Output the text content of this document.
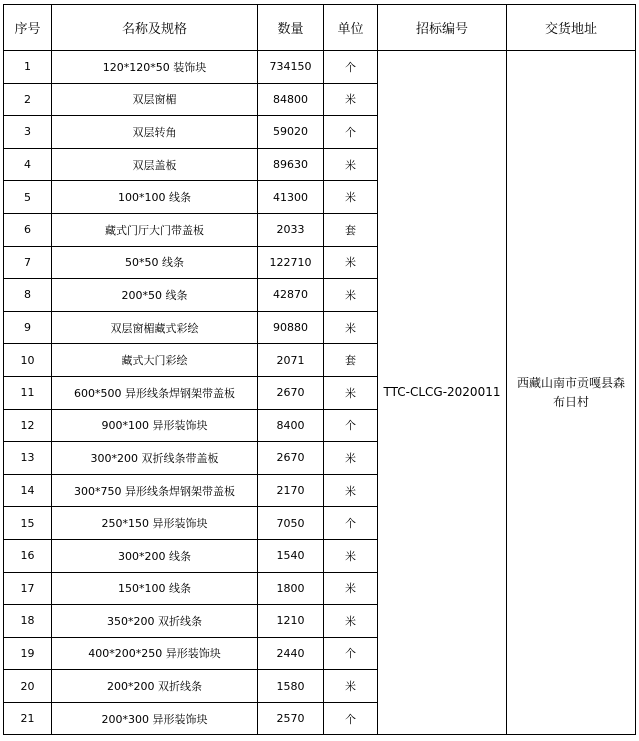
序号	名称及规格	数量	单位	招标编号	交货地址
1	120*120*50 装饰块	734150	个	TTC-CLCG-2020011	西藏山南市贡嘎县森布日村
2	双层窗楣	84800	米		
3	双层转角	59020	个		
4	双层盖板	89630	米		
5	100*100 线条	41300	米		
6	藏式门厅大门带盖板	2033	套		
7	50*50 线条	122710	米		
8	200*50 线条	42870	米		
9	双层窗楣藏式彩绘	90880	米		
10	藏式大门彩绘	2071	套		
11	600*500 异形线条焊钢架带盖板	2670	米		
12	900*100 异形装饰块	8400	个		
13	300*200 双折线条带盖板	2670	米		
14	300*750 异形线条焊钢架带盖板	2170	米		
15	250*150 异形装饰块	7050	个		
16	300*200 线条	1540	米		
17	150*100 线条	1800	米		
18	350*200 双折线条	1210	米		
19	400*200*250 异形装饰块	2440	个		
20	200*200 双折线条	1580	米		
21	200*300 异形装饰块	2570	个		
